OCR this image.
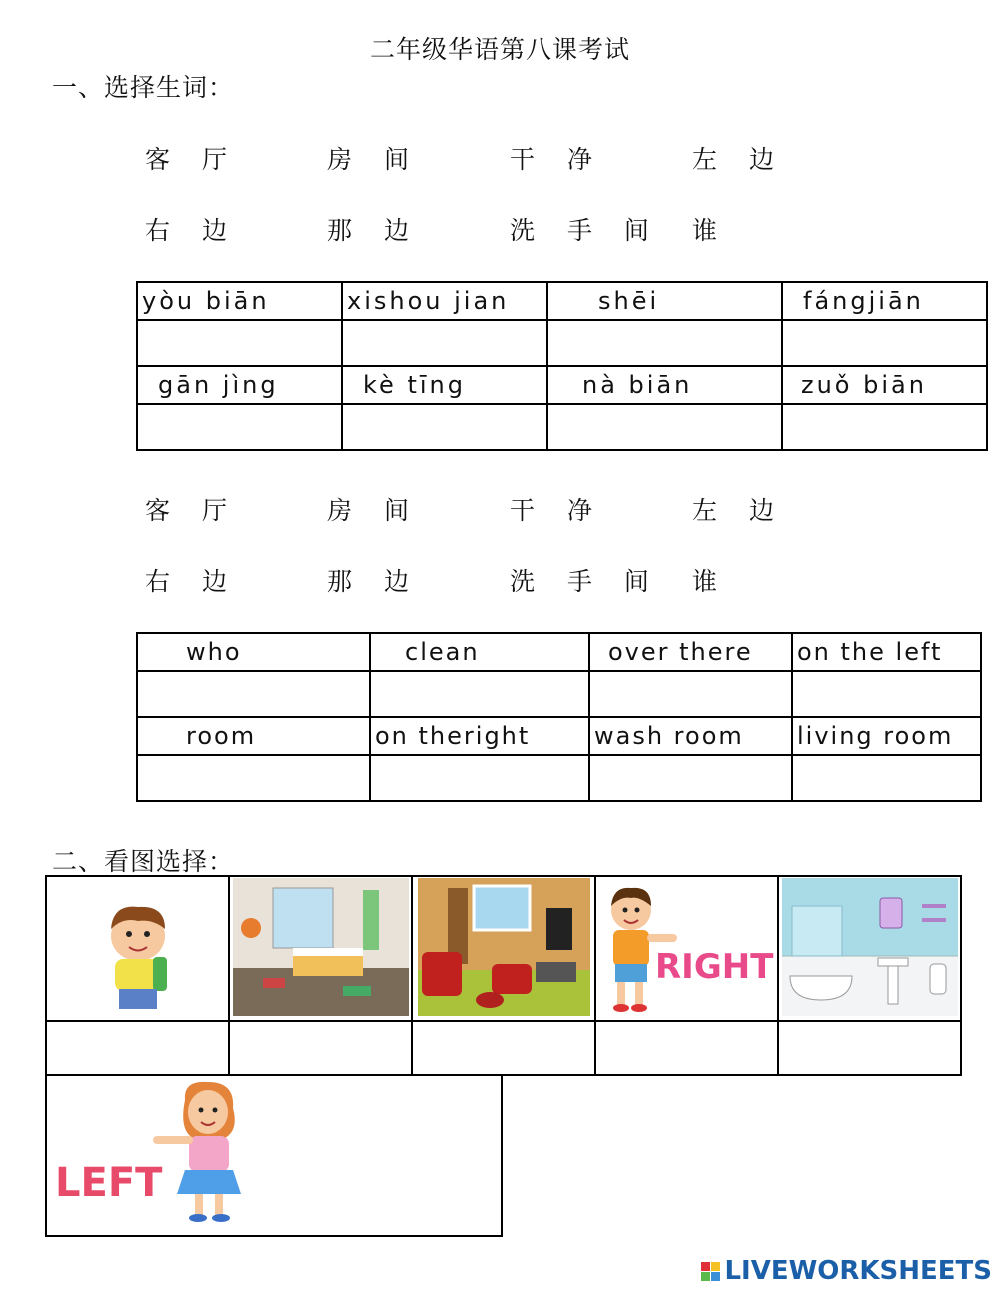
二年级华语第八课考试
一、选择生词：
客 厅	房 间	干 净	左 边
右 边	那 边	洗 手 间 谁
yòu biān	xishou jian	shēi	fángjiān

gān jìng	kè tīng	nà biān	zuǒ biān

客 厅	房 间	干 净	左 边
右 边	那 边	洗 手 间 谁
who	clean	over there	on the left

room	on theright	wash room	living room

二、看图选择：

RIGHT

LEFT
LIVEWORKSHEETS
